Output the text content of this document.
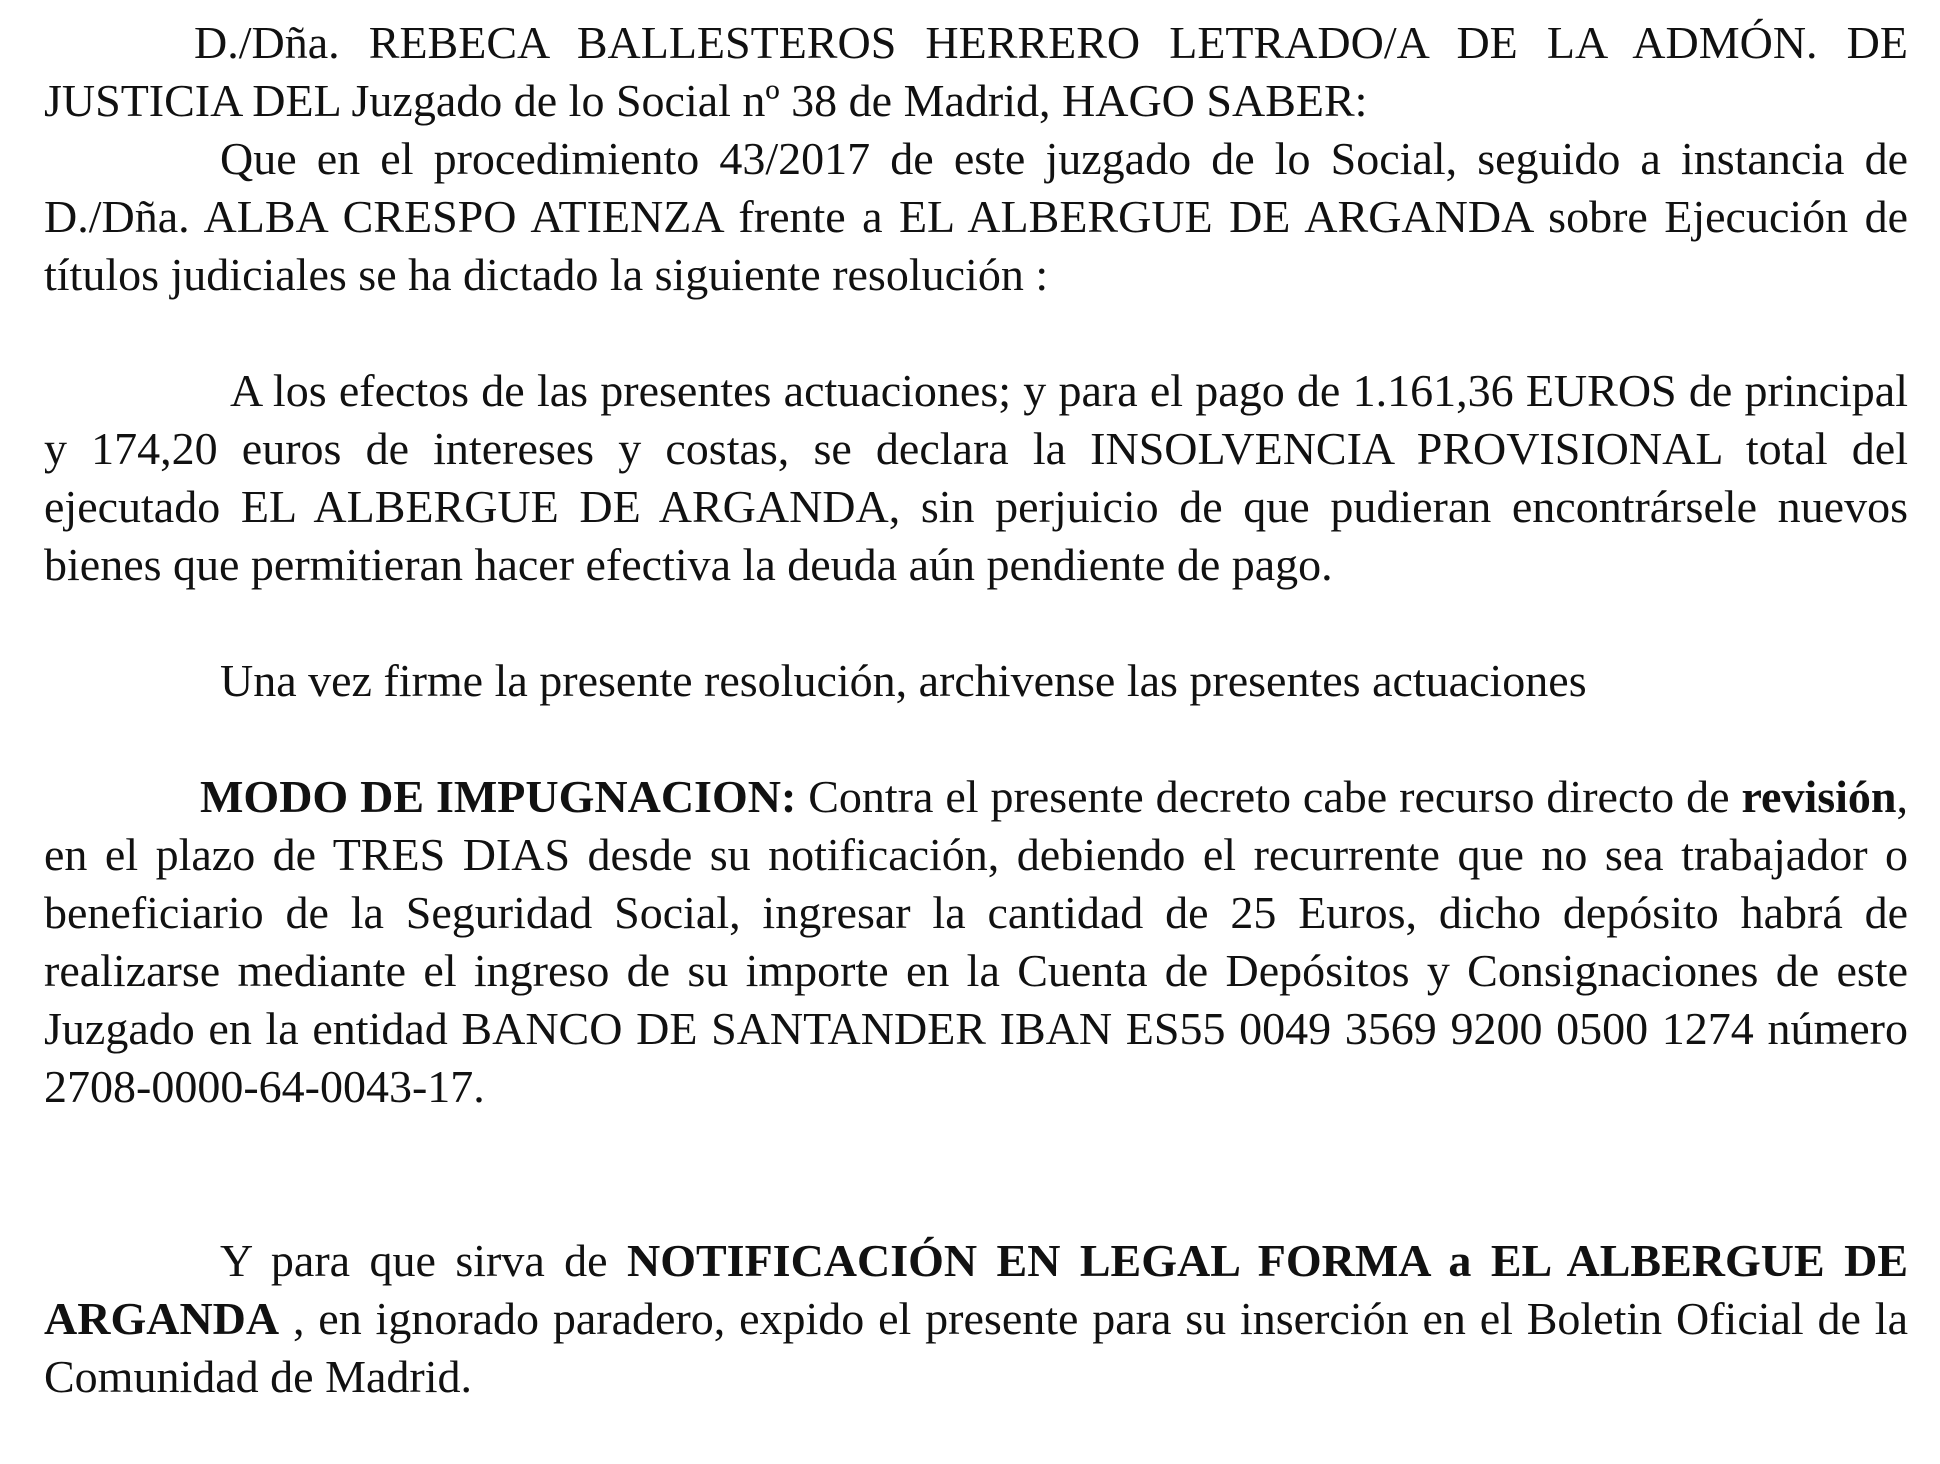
D./Dña. REBECA BALLESTEROS HERRERO LETRADO/A DE LA ADMÓN. DE JUSTICIA DEL Juzgado de lo Social nº 38 de Madrid, HAGO SABER:

Que en el procedimiento 43/2017 de este juzgado de lo Social, seguido a instancia de D./Dña. ALBA CRESPO ATIENZA frente a EL ALBERGUE DE ARGANDA sobre Ejecución de títulos judiciales se ha dictado la siguiente resolución :

A los efectos de las presentes actuaciones; y para el pago de 1.161,36 EUROS de principal y 174,20 euros de intereses y costas, se declara la INSOLVENCIA PROVISIONAL total del ejecutado EL ALBERGUE DE ARGANDA, sin perjuicio de que pudieran encontrársele nuevos bienes que permitieran hacer efectiva la deuda aún pendiente de pago.

Una vez firme la presente resolución, archivense las presentes actuaciones

MODO DE IMPUGNACION: Contra el presente decreto cabe recurso directo de revisión, en el plazo de TRES DIAS desde su notificación, debiendo el recurrente que no sea trabajador o beneficiario de la Seguridad Social, ingresar la cantidad de 25 Euros, dicho depósito habrá de realizarse mediante el ingreso de su importe en la Cuenta de Depósitos y Consignaciones de este Juzgado en la entidad BANCO DE SANTANDER IBAN ES55 0049 3569 9200 0500 1274 número 2708-0000-64-0043-17.

Y para que sirva de NOTIFICACIÓN EN LEGAL FORMA a EL ALBERGUE DE ARGANDA , en ignorado paradero, expido el presente para su inserción en el Boletin Oficial de la Comunidad de Madrid.
